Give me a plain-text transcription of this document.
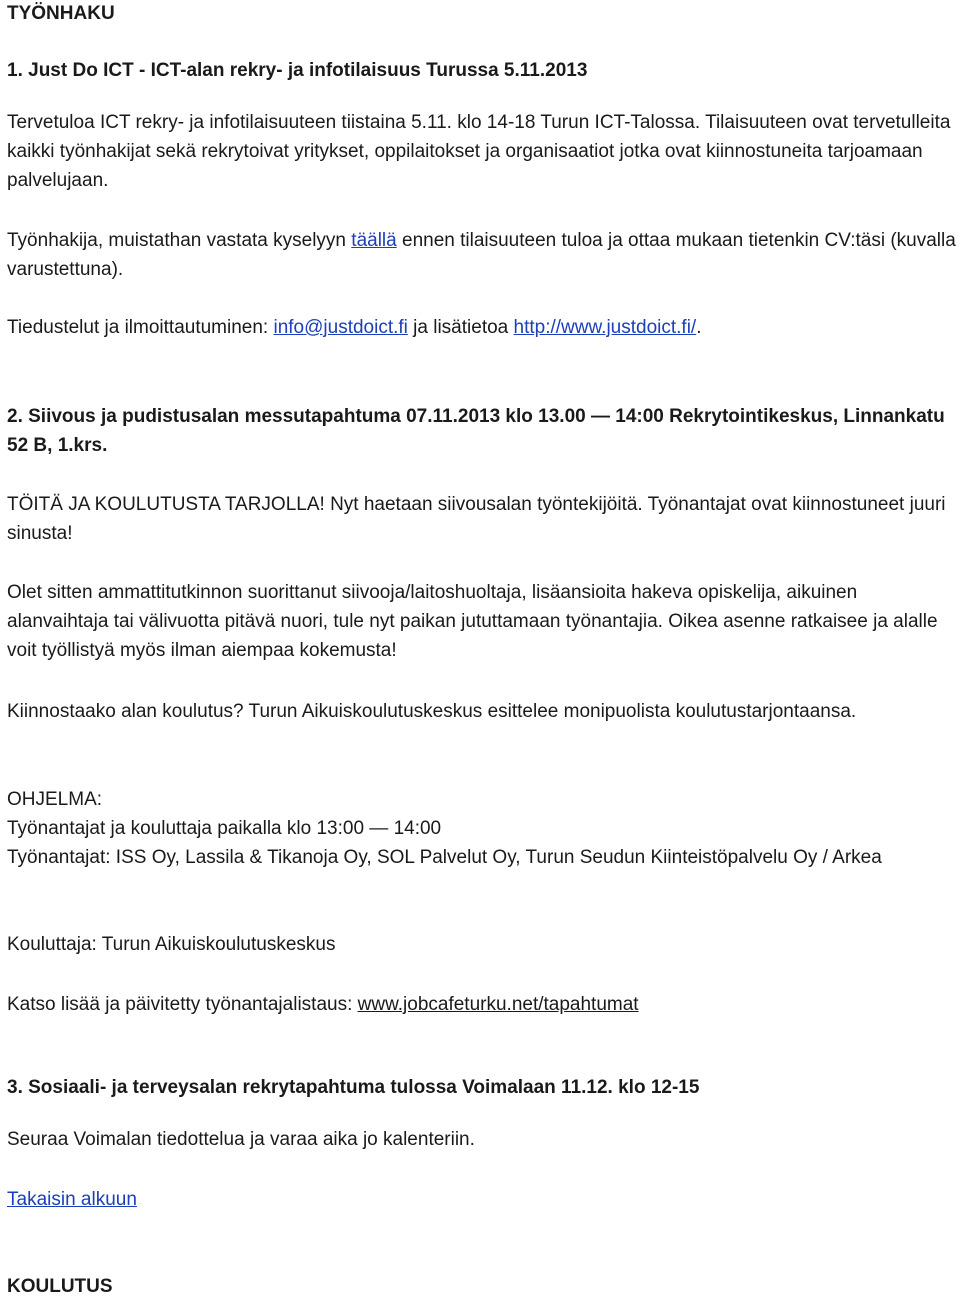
TYÖNHAKU
1. Just Do ICT - ICT-alan rekry- ja infotilaisuus Turussa 5.11.2013

Tervetuloa ICT rekry- ja infotilaisuuteen tiistaina 5.11. klo 14-18 Turun ICT-Talossa. Tilaisuuteen ovat tervetulleita kaikki työnhakijat sekä rekrytoivat yritykset, oppilaitokset ja organisaatiot jotka ovat kiinnostuneita tarjoamaan palvelujaan.

Työnhakija, muistathan vastata kyselyyn täällä ennen tilaisuuteen tuloa ja ottaa mukaan tietenkin CV:täsi (kuvalla varustettuna).

Tiedustelut ja ilmoittautuminen: info@justdoict.fi ja lisätietoa http://www.justdoict.fi/.

2. Siivous ja pudistusalan messutapahtuma 07.11.2013 klo 13.00 — 14:00 Rekrytointikeskus, Linnankatu 52 B, 1.krs.

TÖITÄ JA KOULUTUSTA TARJOLLA! Nyt haetaan siivousalan työntekijöitä. Työnantajat ovat kiinnostuneet juuri sinusta!

Olet sitten ammattitutkinnon suorittanut siivooja/laitoshuoltaja, lisäansioita hakeva opiskelija, aikuinen alanvaihtaja tai välivuotta pitävä nuori, tule nyt paikan jututtamaan työnantajia. Oikea asenne ratkaisee ja alalle voit työllistyä myös ilman aiempaa kokemusta!

Kiinnostaako alan koulutus? Turun Aikuiskoulutuskeskus esittelee monipuolista koulutustarjontaansa.

OHJELMA:
Työnantajat ja kouluttaja paikalla klo 13:00 — 14:00
Työnantajat: ISS Oy, Lassila & Tikanoja Oy, SOL Palvelut Oy, Turun Seudun Kiinteistöpalvelu Oy / Arkea

Kouluttaja: Turun Aikuiskoulutuskeskus

Katso lisää ja päivitetty työnantajalistaus: www.jobcafeturku.net/tapahtumat

3. Sosiaali- ja terveysalan rekrytapahtuma tulossa Voimalaan 11.12. klo 12-15

Seuraa Voimalan tiedottelua ja varaa aika jo kalenteriin.

Takaisin alkuun

KOULUTUS
